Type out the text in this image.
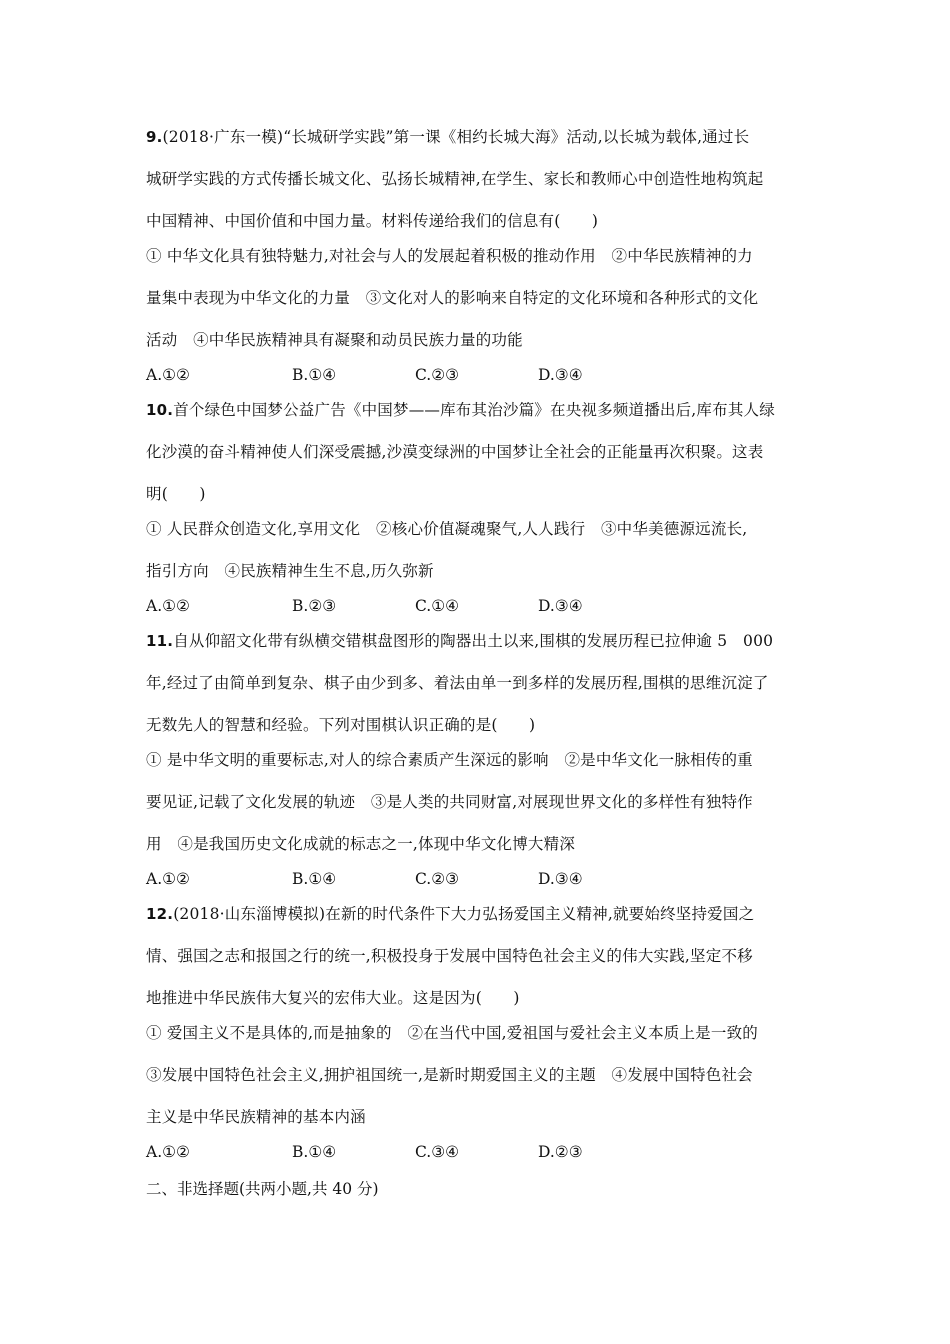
9.(2018·广东一模)“长城研学实践”第一课《相约长城大海》活动,以长城为载体,通过长
城研学实践的方式传播长城文化、弘扬长城精神,在学生、家长和教师心中创造性地构筑起
中国精神、中国价值和中国力量。材料传递给我们的信息有(　　)
① 中华文化具有独特魅力,对社会与人的发展起着积极的推动作用　②中华民族精神的力
量集中表现为中华文化的力量　③文化对人的影响来自特定的文化环境和各种形式的文化
活动　④中华民族精神具有凝聚和动员民族力量的功能
A.①②	B.①④	C.②③	D.③④
10.首个绿色中国梦公益广告《中国梦——库布其治沙篇》在央视多频道播出后,库布其人绿
化沙漠的奋斗精神使人们深受震撼,沙漠变绿洲的中国梦让全社会的正能量再次积聚。这表
明(　　)
① 人民群众创造文化,享用文化　②核心价值凝魂聚气,人人践行　③中华美德源远流长,
指引方向　④民族精神生生不息,历久弥新
A.①②	B.②③	C.①④	D.③④
11.自从仰韶文化带有纵横交错棋盘图形的陶器出土以来,围棋的发展历程已拉伸逾 5　000
年,经过了由简单到复杂、棋子由少到多、着法由单一到多样的发展历程,围棋的思维沉淀了
无数先人的智慧和经验。下列对围棋认识正确的是(　　)
① 是中华文明的重要标志,对人的综合素质产生深远的影响　②是中华文化一脉相传的重
要见证,记载了文化发展的轨迹　③是人类的共同财富,对展现世界文化的多样性有独特作
用　④是我国历史文化成就的标志之一,体现中华文化博大精深
A.①②	B.①④	C.②③	D.③④
12.(2018·山东淄博模拟)在新的时代条件下大力弘扬爱国主义精神,就要始终坚持爱国之
情、强国之志和报国之行的统一,积极投身于发展中国特色社会主义的伟大实践,坚定不移
地推进中华民族伟大复兴的宏伟大业。这是因为(　　)
① 爱国主义不是具体的,而是抽象的　②在当代中国,爱祖国与爱社会主义本质上是一致的
③发展中国特色社会主义,拥护祖国统一,是新时期爱国主义的主题　④发展中国特色社会
主义是中华民族精神的基本内涵
A.①②	B.①④	C.③④	D.②③
二、非选择题(共两小题,共 40 分)
